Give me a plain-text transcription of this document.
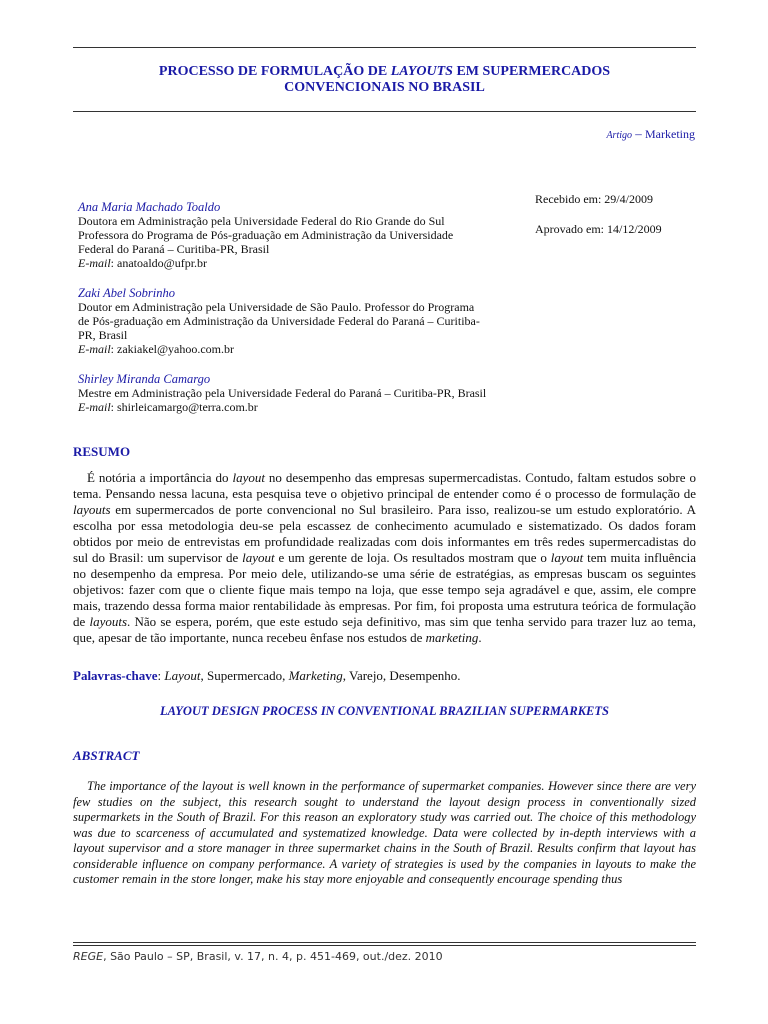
PROCESSO DE FORMULAÇÃO DE LAYOUTS EM SUPERMERCADOS
CONVENCIONAIS NO BRASIL
Artigo – Marketing
Recebido em: 29/4/2009
Aprovado em: 14/12/2009
Ana Maria Machado Toaldo
Doutora em Administração pela Universidade Federal do Rio Grande do Sul
Professora do Programa de Pós-graduação em Administração da Universidade
Federal do Paraná – Curitiba-PR, Brasil
E-mail: anatoaldo@ufpr.br
Zaki Abel Sobrinho
Doutor em Administração pela Universidade de São Paulo. Professor do Programa
de Pós-graduação em Administração da Universidade Federal do Paraná – Curitiba-
PR, Brasil
E-mail: zakiakel@yahoo.com.br
Shirley Miranda Camargo
Mestre em Administração pela Universidade Federal do Paraná – Curitiba-PR, Brasil
E-mail: shirleicamargo@terra.com.br
RESUMO

É notória a importância do layout no desempenho das empresas supermercadistas. Contudo, faltam estudos sobre o tema. Pensando nessa lacuna, esta pesquisa teve o objetivo principal de entender como é o processo de formulação de layouts em supermercados de porte convencional no Sul brasileiro. Para isso, realizou-se um estudo exploratório. A escolha por essa metodologia deu-se pela escassez de conhecimento acumulado e sistematizado. Os dados foram obtidos por meio de entrevistas em profundidade realizadas com dois informantes em três redes supermercadistas do sul do Brasil: um supervisor de layout e um gerente de loja. Os resultados mostram que o layout tem muita influência no desempenho da empresa. Por meio dele, utilizando-se uma série de estratégias, as empresas buscam os seguintes objetivos: fazer com que o cliente fique mais tempo na loja, que esse tempo seja agradável e que, assim, ele compre mais, trazendo dessa forma maior rentabilidade às empresas. Por fim, foi proposta uma estrutura teórica de formulação de layouts. Não se espera, porém, que este estudo seja definitivo, mas sim que tenha servido para trazer luz ao tema, que, apesar de tão importante, nunca recebeu ênfase nos estudos de marketing.

Palavras-chave: Layout, Supermercado, Marketing, Varejo, Desempenho.
LAYOUT DESIGN PROCESS IN CONVENTIONAL BRAZILIAN SUPERMARKETS
ABSTRACT

The importance of the layout is well known in the performance of supermarket companies. However since there are very few studies on the subject, this research sought to understand the layout design process in conventionally sized supermarkets in the South of Brazil. For this reason an exploratory study was carried out. The choice of this methodology was due to scarceness of accumulated and systematized knowledge. Data were collected by in-depth interviews with a layout supervisor and a store manager in three supermarket chains in the South of Brazil. Results confirm that layout has considerable influence on company performance. A variety of strategies is used by the companies in layouts to make the customer remain in the store longer, make his stay more enjoyable and consequently encourage spending thus

REGE, São Paulo – SP, Brasil, v. 17, n. 4, p. 451-469, out./dez. 2010
